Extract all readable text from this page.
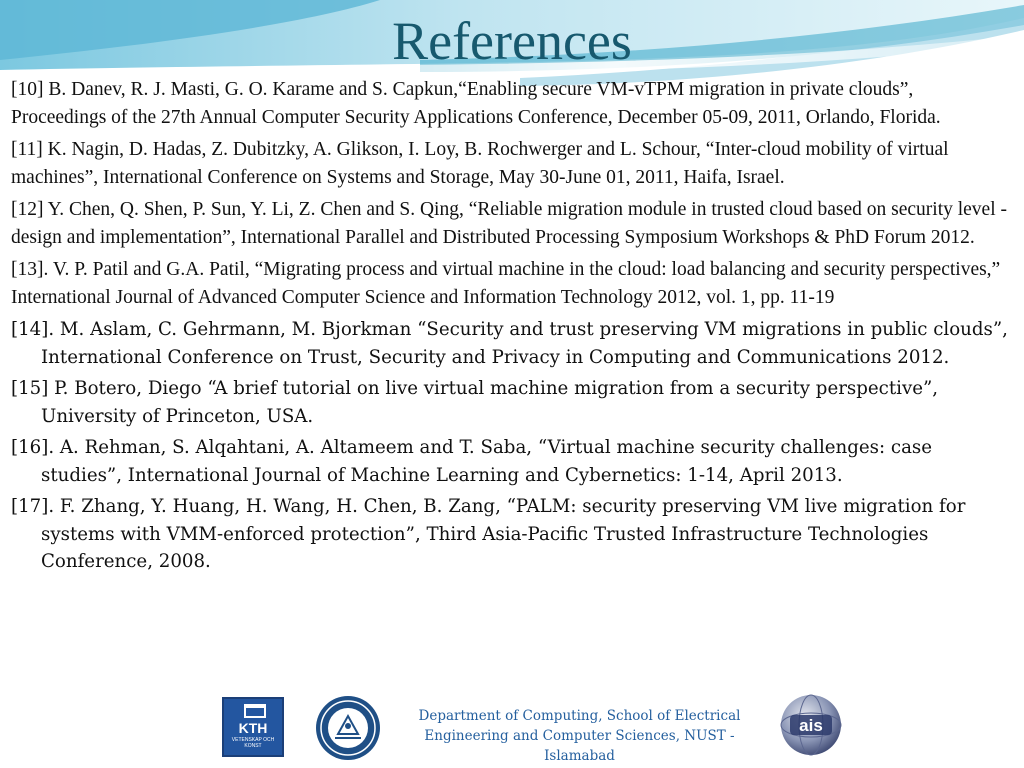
References

[10] B. Danev, R. J. Masti, G. O. Karame and S. Capkun,“Enabling secure VM-vTPM migration in private clouds”, Proceedings of the 27th Annual Computer Security Applications Conference, December 05-09, 2011, Orlando, Florida.

[11] K. Nagin, D. Hadas, Z. Dubitzky, A. Glikson, I. Loy, B. Rochwerger and L. Schour, “Inter-cloud mobility of virtual machines”, International Conference on Systems and Storage, May 30-June 01, 2011, Haifa, Israel.

[12] Y. Chen, Q. Shen, P. Sun, Y. Li, Z. Chen and S. Qing, “Reliable migration module in trusted cloud based on security level - design and implementation”, International Parallel and Distributed Processing Symposium Workshops & PhD Forum 2012.

[13]. V. P. Patil and G.A. Patil, “Migrating process and virtual machine in the cloud: load balancing and security perspectives,” International Journal of Advanced Computer Science and Information Technology 2012, vol. 1, pp. 11-19

[14]. M. Aslam, C. Gehrmann, M. Bjorkman “Security and trust preserving VM migrations in public clouds”, International Conference on Trust, Security and Privacy in Computing and Communications 2012.

[15] P. Botero, Diego “A brief tutorial on live virtual machine migration from a security perspective”, University of Princeton, USA.

[16]. A. Rehman, S. Alqahtani, A. Altameem and T. Saba, “Virtual machine security challenges: case studies”, International Journal of Machine Learning and Cybernetics: 1-14, April 2013.

[17]. F. Zhang, Y. Huang, H. Wang, H. Chen, B. Zang, “PALM: security preserving VM live migration for systems with VMM-enforced protection”, Third Asia-Pacific Trusted Infrastructure Technologies Conference, 2008.

KTH
VETENSKAP OCH KONST
ais
Department of Computing, School of Electrical Engineering and Computer Sciences, NUST - Islamabad
